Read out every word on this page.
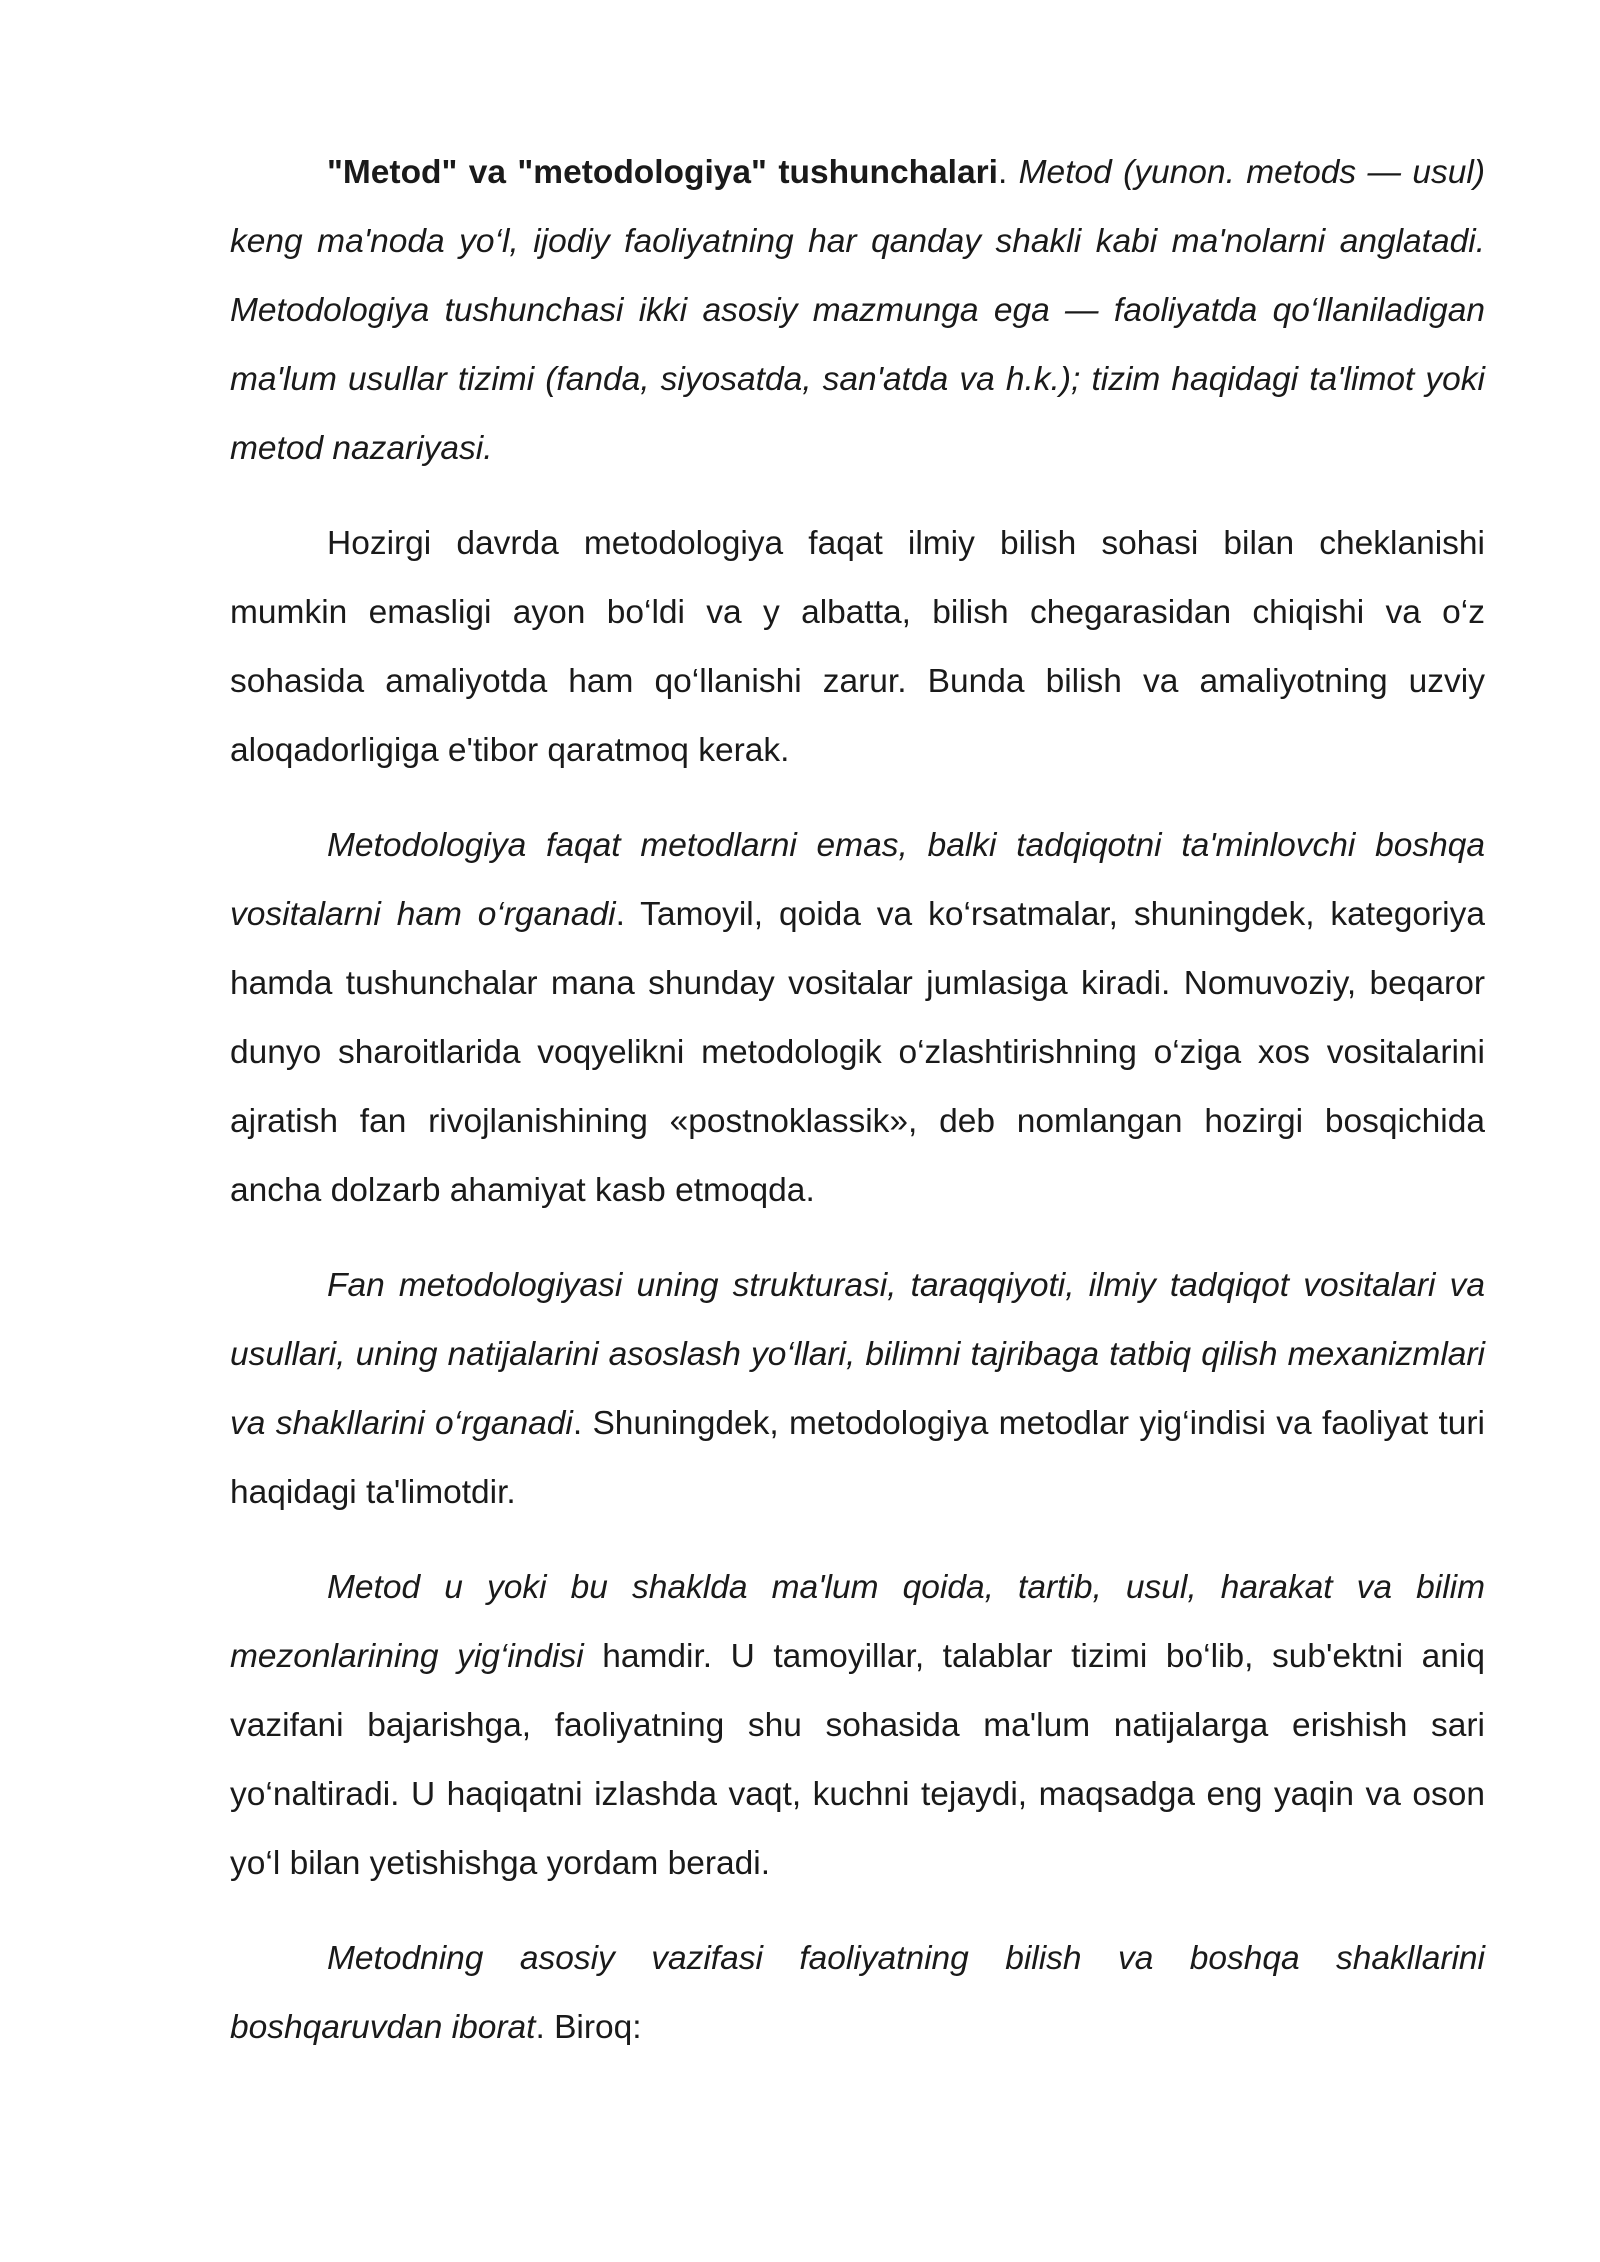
"Metod" va "metodologiya" tushunchalari. Metod (yunon. metods — usul) keng ma'noda yo‘l, ijodiy faoliyatning har qanday shakli kabi ma'nolarni anglatadi. Metodologiya tushunchasi ikki asosiy mazmunga ega — faoliyatda qo‘llaniladigan ma'lum usullar tizimi (fanda, siyosatda, san'atda va h.k.); tizim haqidagi ta'limot yoki metod nazariyasi.

Hozirgi davrda metodologiya faqat ilmiy bilish sohasi bilan cheklanishi mumkin emasligi ayon bo‘ldi va y albatta, bilish chegarasidan chiqishi va o‘z sohasida amaliyotda ham qo‘llanishi zarur. Bunda bilish va amaliyotning uzviy aloqadorligiga e'tibor qaratmoq kerak.

Metodologiya faqat metodlarni emas, balki tadqiqotni ta'minlovchi boshqa vositalarni ham o‘rganadi. Tamoyil, qoida va ko‘rsatmalar, shuningdek, kategoriya hamda tushunchalar mana shunday vositalar jumlasiga kiradi. Nomuvoziy, beqaror dunyo sharoitlarida voqyelikni metodologik o‘zlashtirishning o‘ziga xos vositalarini ajratish fan rivojlanishining «postnoklassik», deb nomlangan hozirgi bosqichida ancha dolzarb ahamiyat kasb etmoqda.

Fan metodologiyasi uning strukturasi, taraqqiyoti, ilmiy tadqiqot vositalari va usullari, uning natijalarini asoslash yo‘llari, bilimni tajribaga tatbiq qilish mexanizmlari va shakllarini o‘rganadi. Shuningdek, metodologiya metodlar yig‘indisi va faoliyat turi haqidagi ta'limotdir.

Metod u yoki bu shaklda ma'lum qoida, tartib, usul, harakat va bilim mezonlarining yig‘indisi hamdir. U tamoyillar, talablar tizimi bo‘lib, sub'ektni aniq vazifani bajarishga, faoliyatning shu sohasida ma'lum natijalarga erishish sari yo‘naltiradi. U haqiqatni izlashda vaqt, kuchni tejaydi, maqsadga eng yaqin va oson yo‘l bilan yetishishga yordam beradi.

Metodning asosiy vazifasi faoliyatning bilish va boshqa shakllarini boshqaruvdan iborat. Biroq:
